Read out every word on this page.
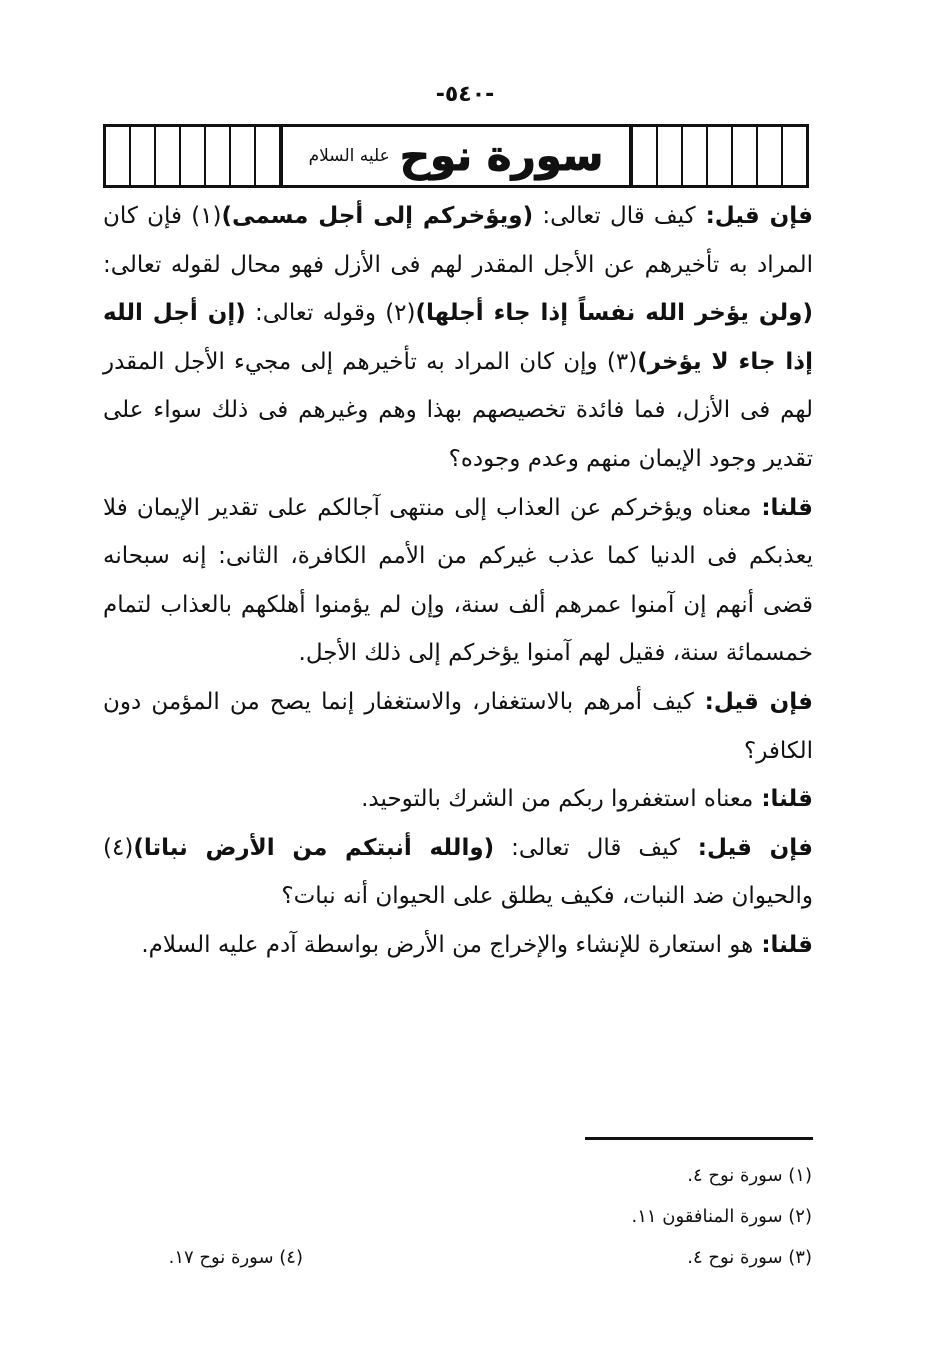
-٥٤٠-
سورة نوح
عليه السلام

فإن قيل: كيف قال تعالى: (ويؤخركم إلى أجل مسمى)(١) فإن كان المراد به تأخيرهم عن الأجل المقدر لهم فى الأزل فهو محال لقوله تعالى: (ولن يؤخر الله نفساً إذا جاء أجلها)(٢) وقوله تعالى: (إن أجل الله إذا جاء لا يؤخر)(٣) وإن كان المراد به تأخيرهم إلى مجيء الأجل المقدر لهم فى الأزل، فما فائدة تخصيصهم بهذا وهم وغيرهم فى ذلك سواء على تقدير وجود الإيمان منهم وعدم وجوده؟

قلنا: معناه ويؤخركم عن العذاب إلى منتهى آجالكم على تقدير الإيمان فلا يعذبكم فى الدنيا كما عذب غيركم من الأمم الكافرة، الثانى: إنه سبحانه قضى أنهم إن آمنوا عمرهم ألف سنة، وإن لم يؤمنوا أهلكهم بالعذاب لتمام خمسمائة سنة، فقيل لهم آمنوا يؤخركم إلى ذلك الأجل.

فإن قيل: كيف أمرهم بالاستغفار، والاستغفار إنما يصح من المؤمن دون الكافر؟

قلنا: معناه استغفروا ربكم من الشرك بالتوحيد.

فإن قيل: كيف قال تعالى: (والله أنبتكم من الأرض نباتا)(٤) والحيوان ضد النبات، فكيف يطلق على الحيوان أنه نبات؟

قلنا: هو استعارة للإنشاء والإخراج من الأرض بواسطة آدم عليه السلام.

(١) سورة نوح ٤.
(٢) سورة المنافقون ١١.
(٣) سورة نوح ٤.
(٤) سورة نوح ١٧.
